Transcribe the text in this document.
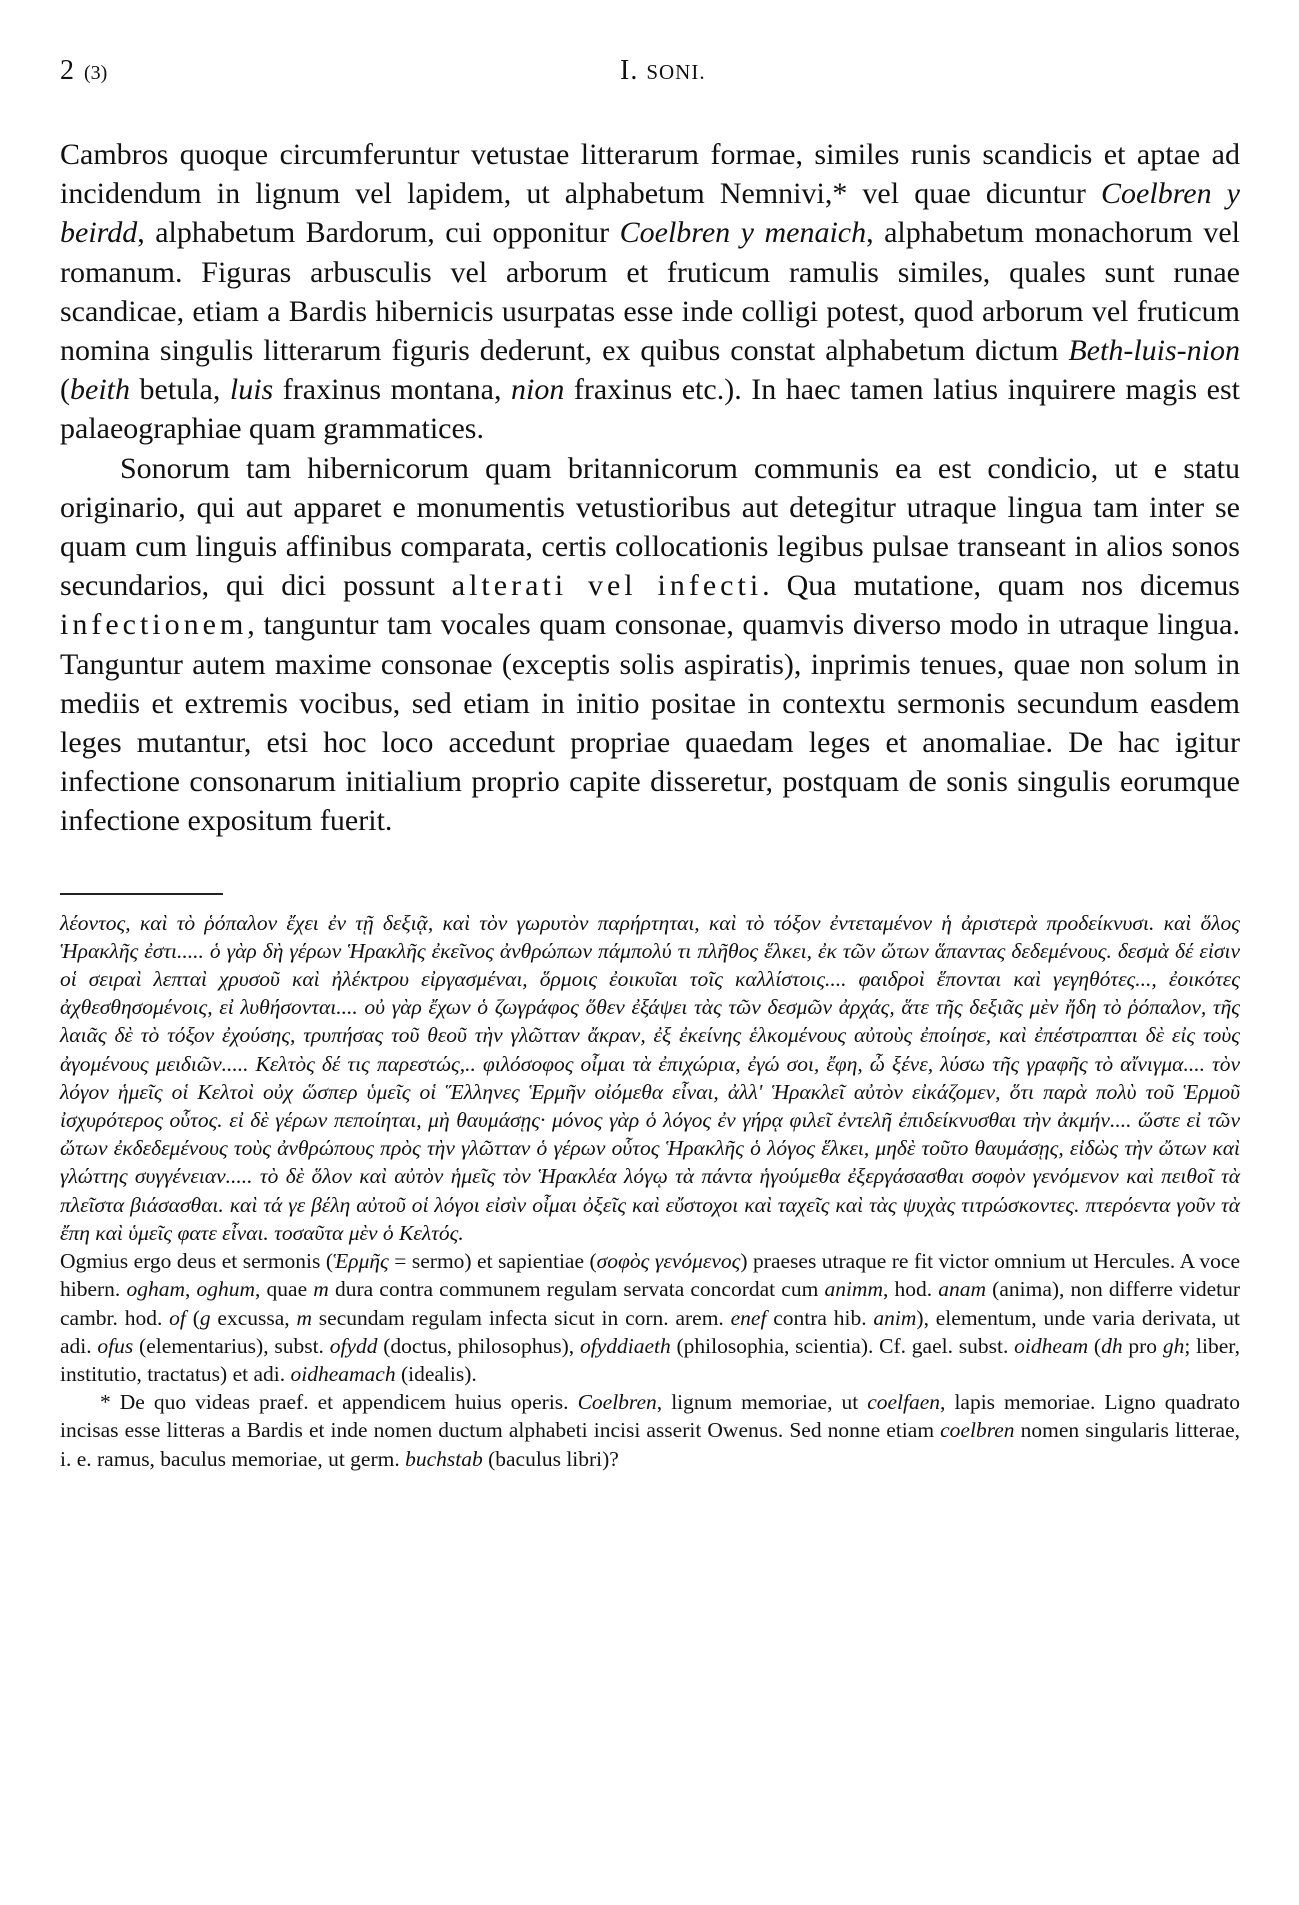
2 (3)	I. SONI.

Cambros quoque circumferuntur vetustae litterarum formae, similes runis scandicis et aptae ad incidendum in lignum vel lapidem, ut alphabetum Nemnivi,* vel quae dicuntur Coelbren y beirdd, alphabetum Bardorum, cui opponitur Coelbren y menaich, alphabetum monachorum vel romanum. Figuras arbusculis vel arborum et fruticum ramulis similes, quales sunt runae scandicae, etiam a Bardis hibernicis usurpatas esse inde colligi potest, quod arborum vel fruticum nomina singulis litterarum figuris dederunt, ex quibus constat alphabetum dictum Beth-luis-nion (beith betula, luis fraxinus montana, nion fraxinus etc.). In haec tamen latius inquirere magis est palaeographiae quam grammatices.

Sonorum tam hibernicorum quam britannicorum communis ea est condicio, ut e statu originario, qui aut apparet e monumentis vetustioribus aut detegitur utraque lingua tam inter se quam cum linguis affinibus comparata, certis collocationis legibus pulsae transeant in alios sonos secundarios, qui dici possunt alterati vel infecti. Qua mutatione, quam nos dicemus infectionem, tanguntur tam vocales quam consonae, quamvis diverso modo in utraque lingua. Tanguntur autem maxime consonae (exceptis solis aspiratis), inprimis tenues, quae non solum in mediis et extremis vocibus, sed etiam in initio positae in contextu sermonis secundum easdem leges mutantur, etsi hoc loco accedunt propriae quaedam leges et anomaliae. De hac igitur infectione consonarum initialium proprio capite disseretur, postquam de sonis singulis eorumque infectione expositum fuerit.

λέοντος, καὶ τὸ ῥόπαλον ἔχει ἐν τῇ δεξιᾷ, καὶ τὸν γωρυτὸν παρήρτηται, καὶ τὸ τόξον ἐντεταμένον ἡ ἀριστερὰ προδείκνυσι. καὶ ὅλος Ἡρακλῆς ἐστι..... ὁ γὰρ δὴ γέρων Ἡρακλῆς ἐκεῖνος ἀνθρώπων πάμπολύ τι πλῆθος ἕλκει, ἐκ τῶν ὤτων ἅπαντας δεδεμένους. δεσμὰ δέ εἰσιν οἱ σειραὶ λεπταὶ χρυσοῦ καὶ ἠλέκτρου εἰργασμέναι, ὅρμοις ἐοικυῖαι τοῖς καλλίστοις.... φαιδροὶ ἕπονται καὶ γεγηθότες..., ἐοικότες ἀχθεσθησομένοις, εἰ λυθήσονται.... οὐ γὰρ ἔχων ὁ ζωγράφος ὅθεν ἐξάψει τὰς τῶν δεσμῶν ἀρχάς, ἅτε τῆς δεξιᾶς μὲν ἤδη τὸ ῥόπαλον, τῆς λαιᾶς δὲ τὸ τόξον ἐχούσης, τρυπήσας τοῦ θεοῦ τὴν γλῶτταν ἄκραν, ἐξ ἐκείνης ἑλκομένους αὐτοὺς ἐποίησε, καὶ ἐπέστραπται δὲ εἰς τοὺς ἀγομένους μειδιῶν..... Κελτὸς δέ τις παρεστώς,.. φιλόσοφος οἶμαι τὰ ἐπιχώρια, ἐγώ σοι, ἔφη, ὦ ξένε, λύσω τῆς γραφῆς τὸ αἴνιγμα.... τὸν λόγον ἡμεῖς οἱ Κελτοὶ οὐχ ὥσπερ ὑμεῖς οἱ Ἕλληνες Ἑρμῆν οἰόμεθα εἶναι, ἀλλ' Ἡρακλεῖ αὐτὸν εἰκάζομεν, ὅτι παρὰ πολὺ τοῦ Ἑρμοῦ ἰσχυρότερος οὗτος. εἰ δὲ γέρων πεποίηται, μὴ θαυμάσῃς· μόνος γὰρ ὁ λόγος ἐν γήρᾳ φιλεῖ ἐντελῆ ἐπιδείκνυσθαι τὴν ἀκμήν.... ὥστε εἰ τῶν ὤτων ἐκδεδεμένους τοὺς ἀνθρώπους πρὸς τὴν γλῶτταν ὁ γέρων οὗτος Ἡρακλῆς ὁ λόγος ἕλκει, μηδὲ τοῦτο θαυμάσῃς, εἰδὼς τὴν ὤτων καὶ γλώττης συγγένειαν..... τὸ δὲ ὅλον καὶ αὐτὸν ἡμεῖς τὸν Ἡρακλέα λόγῳ τὰ πάντα ἡγούμεθα ἐξεργάσασθαι σοφὸν γενόμενον καὶ πειθοῖ τὰ πλεῖστα βιάσασθαι. καὶ τά γε βέλη αὐτοῦ οἱ λόγοι εἰσὶν οἶμαι ὀξεῖς καὶ εὔστοχοι καὶ ταχεῖς καὶ τὰς ψυχὰς τιτρώσκοντες. πτερόεντα γοῦν τὰ ἔπη καὶ ὑμεῖς φατε εἶναι. τοσαῦτα μὲν ὁ Κελτός.

Ogmius ergo deus et sermonis (Ἑρμῆς = sermo) et sapientiae (σοφὸς γενόμενος) praeses utraque re fit victor omnium ut Hercules. A voce hibern. ogham, oghum, quae m dura contra communem regulam servata concordat cum animm, hod. anam (anima), non differre videtur cambr. hod. of (g excussa, m secundam regulam infecta sicut in corn. arem. enef contra hib. anim), elementum, unde varia derivata, ut adi. ofus (elementarius), subst. ofydd (doctus, philosophus), ofyddiaeth (philosophia, scientia). Cf. gael. subst. oidheam (dh pro gh; liber, institutio, tractatus) et adi. oidheamach (idealis).

* De quo videas praef. et appendicem huius operis. Coelbren, lignum memoriae, ut coelfaen, lapis memoriae. Ligno quadrato incisas esse litteras a Bardis et inde nomen ductum alphabeti incisi asserit Owenus. Sed nonne etiam coelbren nomen singularis litterae, i. e. ramus, baculus memoriae, ut germ. buchstab (baculus libri)?
